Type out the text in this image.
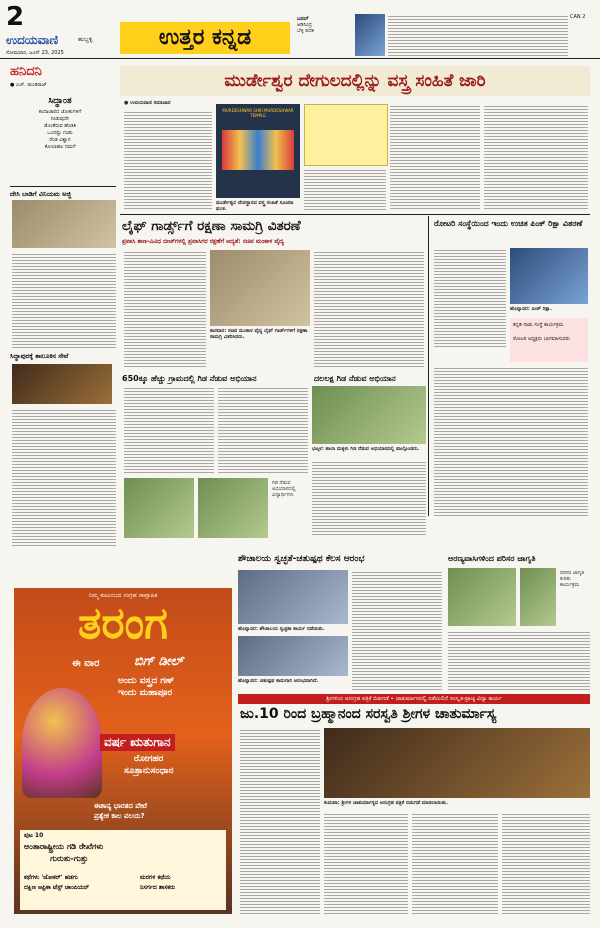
2
ಉದಯವಾಣಿ	ಹುಬ್ಬಳ್ಳಿ
ಸೋಮವಾರ, ಜೂನ್ 23, 2025
ಉತ್ತರ ಕನ್ನಡ
ಬದಲ್
ಆಡಿನಿಂದ್ರ
ಬೆಳ್ಳಿ ಪದಕ
CAN 2
ಹನಿದನಿ
● ಎಚ್. ಡುಂಡಿರಾಜ್
ಸಿದ್ಧಾಂತ
ಕಂದಾಚಾರದ ಜೋಕುಗಳಿಗೆ
ನೀಡುವುದೇ
ಡೊಂಕೆರುವ ಹೆಂಡತಿ
ಒಂದಷ್ಟು ಗಂಡು
ರೆಂಡ ವಿಶ್ವಾಸ
ಕೋಲಾಹಲ ನಮಗೆ
ದೇಸಿ ಬಾಡಿಗೆ ವಿನಿಯಮ ಅಜ್ಜಿ
ಸಿದ್ಧಾಪುರಕ್ಕೆ ತಾಲೂಕಿನ ಸೇವೆ
ಮುರ್ಡೇಶ್ವರ ದೇಗುಲದಲ್ಲಿನ್ನು ವಸ್ತ್ರ ಸಂಹಿತೆ ಜಾರಿ
● ಉದಯವಾಣಿ ಸಮಾಚಾರ
MURDESHWAR SHRI MURDESHWAR TEMPLE
ಮುರ್ಡೇಶ್ವರ ದೇವಸ್ಥಾನದ ವಸ್ತ್ರ ಸಂಹಿತೆ ಸೂಚನಾ ಫಲಕ.
ಲೈಫ್ ಗಾರ್ಡ್ಸ್‌ಗೆ ರಕ್ಷಣಾ ಸಾಮಗ್ರಿ ವಿತರಣೆ
ಪ್ರವಾಸಿ ತಾಣ-ವಿವಿಧ ಬೀಚ್‌ಗಳಲ್ಲಿ ಪ್ರವಾಸಿಗರ ರಕ್ಷಣೆಗೆ ಆದ್ಯತೆ: ಸಚಿವ ಮಂಕಾಳ ವೈದ್ಯ
ಕಾರವಾರ: ಸಚಿವ ಮಂಕಾಳ ವೈದ್ಯ ಲೈಫ್ ಗಾರ್ಡ್‌ಗಳಿಗೆ ರಕ್ಷಣಾ ಸಾಮಗ್ರಿ ವಿತರಿಸಿದರು.
ರೋಟರಿ ಸಂಸ್ಥೆಯಿಂದ ಇಂದು ಉಚಿತ ಪಿಂಕ್ ರಿಕ್ಷಾ ವಿತರಣೆ
ಹೊನ್ನಾವರ: ಪಿಂಕ್ ರಿಕ್ಷಾ.
ಕನ್ನಡಿ ನಾಡು ಸಂಸ್ಥೆ ಕಾರ್ಯಕ್ರಮ
ರೋಟರಿ ಅಧ್ಯಕ್ಷರು ಭಾಗವಹಿಸುವರು
650ಕ್ಕೂ ಹೆಚ್ಚು ಗ್ರಾಮದಲ್ಲಿ ಗಿಡ ನೆಡುವ ಅಭಿಯಾನ
ಗಿಡ ನೆಡುವ ಅಭಿಯಾನದಲ್ಲಿ ವಿದ್ಯಾರ್ಥಿಗಳು
ದಲಲಕ್ಷ ಗಿಡ ನೆಡುವ ಅಭಿಯಾನ
ಭಟ್ಕಳ: ಶಾಲಾ ಮಕ್ಕಳು ಗಿಡ ನೆಡುವ ಅಭಿಯಾನದಲ್ಲಿ ಪಾಲ್ಗೊಂಡರು.
ನಿಮ್ಮ ಕುಟುಂಬದ ಸಂಗ್ರಹ ಸಾಪ್ತಾಹಿಕ
ತರಂಗ
ಈ ವಾರ	ಬಿಗ್ ಡೀಲ್
ಅಂದು ವಸ್ತ್ರದ ಗಣ್
ಇಂದು ಮಹಾಪೂರ
ವರ್ಷ ಋತುಗಾನ
ರೋಗಹರ
ಸೂತ್ರಾನುಸಂಧಾನ
ಈಶಾನ್ಯ ಭಾರತದ ಪೇಟೆ
ಪ್ರತ್ಯೇಕ ಕಾಲ ವಲಯ?
ಪುಟ 10
ಅಂತಾರಾಷ್ಟ್ರೀಯ ಗಡಿ ರೇಖೆಗಳು
ಗುರುತು-ಗುತ್ತು
ಕಥೆಗಳು 'ಜೋಕರ್' ಹಡಗು
ದಕ್ಷಿಣ ಆಫ್ರಿಕಾ ಟೆಸ್ಟ್ ಚಾಂಪಿಯನ್
ಮರಗಳ ಕಥೆಯ
ನಿಸರ್ಗದ ಶಾಸಕರು
ಶೌಚಾಲಯ ಸ್ವಚ್ಛತೆ-ಚತುಷ್ಪಥ ಕೆಲಸ ಆರಂಭ
ಹೊನ್ನಾವರ: ಶೌಚಾಲಯ ಸ್ವಚ್ಛತಾ ಕಾರ್ಯ ನಡೆಯಿತು.
ಹೊನ್ನಾವರ: ಚತುಷ್ಪಥ ಕಾಮಗಾರಿ ಆರಂಭವಾಗಿದೆ.
ಅರಣ್ಯವಾಸಿಗಳಿಂದ ಪರಿಸರ ಜಾಗೃತಿ
ಪರಿಸರ ಜಾಗೃತಿ ಕುರಿತು ಕಾರ್ಯಕ್ರಮ
ಶ್ರೀಗಳಿಂದ ಅನುಗ್ರಹ ಪತ್ರಿಕೆ ಬಿಡುಗಡೆ • ಚಾತುರ್ಮಾಸದಲ್ಲಿ ನಡೆಯಲಿದೆ ಸಂಸ್ಕೃತ-ಪ್ರಾಚ್ಯ ವಿದ್ಯಾ ಕಾರ್ಯ
ಜು.10 ರಿಂದ ಬ್ರಹ್ಮಾನಂದ ಸರಸ್ವತಿ ಶ್ರೀಗಳ ಚಾತುರ್ಮಾಸ್ಯ
ಕುಮಟಾ: ಶ್ರೀಗಳ ಚಾತುರ್ಮಾಸ್ಯದ ಅನುಗ್ರಹ ಪತ್ರಿಕೆ ಬಿಡುಗಡೆ ಮಾಡಲಾಯಿತು.
